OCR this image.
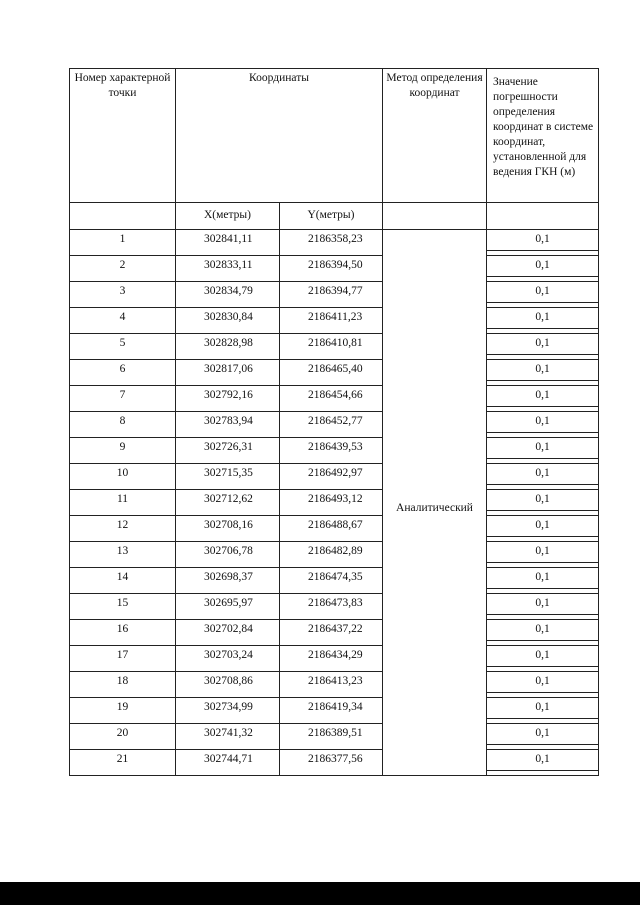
Номер характерной точки	Координаты		Метод определения координат	Значение погрешности определения координат в системе координат, установленной для ведения ГКН (м)

	X(метры)	Y(метры)		

1	302841,11	2186358,23	Аналитический	0,1

2	302833,11	2186394,50		0,1

3	302834,79	2186394,77		0,1

4	302830,84	2186411,23		0,1

5	302828,98	2186410,81		0,1

6	302817,06	2186465,40		0,1

7	302792,16	2186454,66		0,1

8	302783,94	2186452,77		0,1

9	302726,31	2186439,53		0,1

10	302715,35	2186492,97		0,1

11	302712,62	2186493,12		0,1

12	302708,16	2186488,67		0,1

13	302706,78	2186482,89		0,1

14	302698,37	2186474,35		0,1

15	302695,97	2186473,83		0,1

16	302702,84	2186437,22		0,1

17	302703,24	2186434,29		0,1

18	302708,86	2186413,23		0,1

19	302734,99	2186419,34		0,1

20	302741,32	2186389,51		0,1

21	302744,71	2186377,56		0,1
